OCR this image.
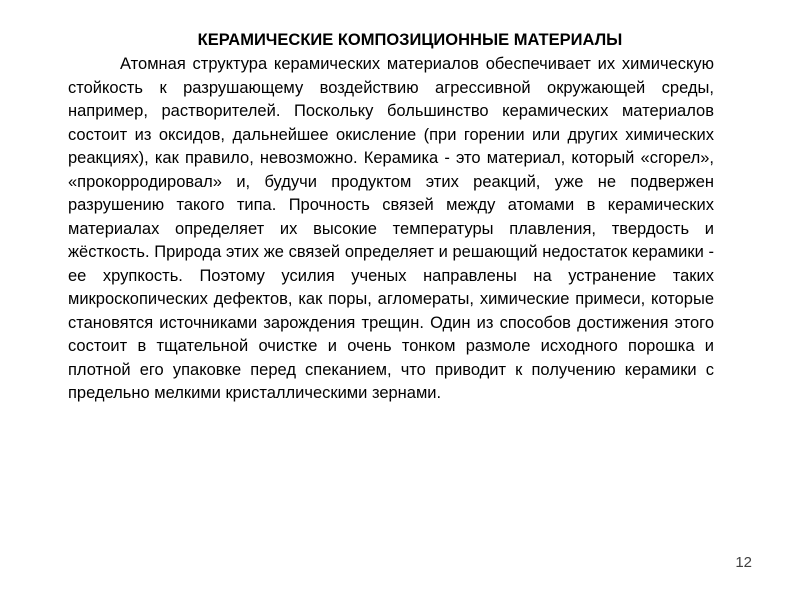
КЕРАМИЧЕСКИЕ КОМПОЗИЦИОННЫЕ МАТЕРИАЛЫ

Атомная структура керамических материалов обеспечивает их химическую стойкость к разрушающему воздействию агрессивной окружающей среды, например, растворителей. Поскольку большинство керамических материалов состоит из оксидов, дальнейшее окисление (при горении или других химических реакциях), как правило, невозможно. Керамика - это материал, который «сгорел», «прокорродировал» и, будучи продуктом этих реакций, уже не подвержен разрушению такого типа. Прочность связей между атомами в керамических материалах определяет их высокие температуры плавления, твердость и жёсткость. Природа этих же связей определяет и решающий недостаток керамики - ее хрупкость. Поэтому усилия ученых направлены на устранение таких микроскопических дефектов, как поры, агломераты, химические примеси, которые становятся источниками зарождения трещин. Один из способов достижения этого состоит в тщательной очистке и очень тонком размоле исходного порошка и плотной его упаковке перед спеканием, что приводит к получению керамики с предельно мелкими кристаллическими зернами.

12
